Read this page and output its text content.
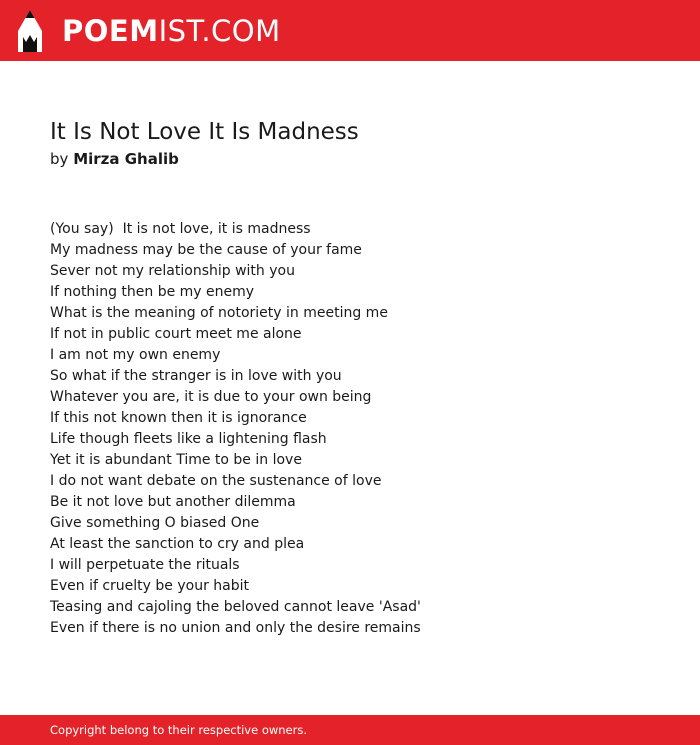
POEMIST.COM
It Is Not Love It Is Madness
by Mirza Ghalib
(You say)  It is not love, it is madness
My madness may be the cause of your fame
Sever not my relationship with you
If nothing then be my enemy
What is the meaning of notoriety in meeting me
If not in public court meet me alone
I am not my own enemy
So what if the stranger is in love with you
Whatever you are, it is due to your own being
If this not known then it is ignorance
Life though fleets like a lightening flash
Yet it is abundant Time to be in love
I do not want debate on the sustenance of love
Be it not love but another dilemma
Give something O biased One
At least the sanction to cry and plea
I will perpetuate the rituals
Even if cruelty be your habit
Teasing and cajoling the beloved cannot leave 'Asad'
Even if there is no union and only the desire remains
Copyright belong to their respective owners.
